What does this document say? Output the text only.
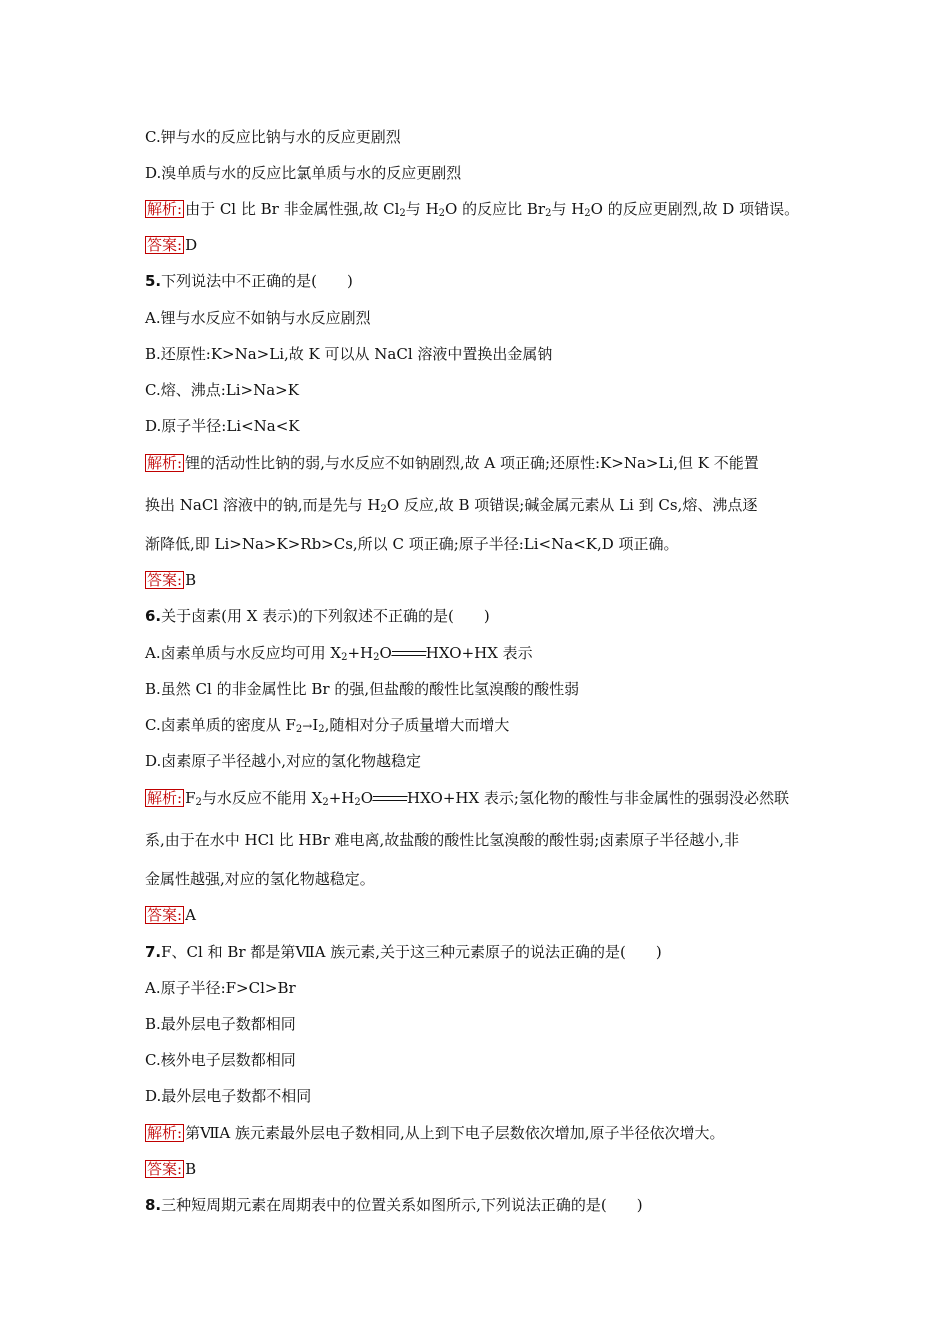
C.钾与水的反应比钠与水的反应更剧烈
D.溴单质与水的反应比氯单质与水的反应更剧烈
解析: 由于 Cl 比 Br 非金属性强,故 $Cl_2$与 $H_2O$ 的反应比 $Br_2$与 $H_2O$ 的反应更剧烈,故 D 项错误。
答案: D
5.下列说法中不正确的是(　　)
A.锂与水反应不如钠与水反应剧烈
B.还原性:K>Na>Li,故 K 可以从 NaCl 溶液中置换出金属钠
C.熔、沸点:Li>Na>K
D.原子半径:Li<Na<K
解析: 锂的活动性比钠的弱,与水反应不如钠剧烈,故 A 项正确;还原性:K>Na>Li,但 K 不能置
换出 NaCl 溶液中的钠,而是先与 $H_2O$ 反应,故 B 项错误;碱金属元素从 Li 到 Cs,熔、沸点逐
渐降低,即 Li>Na>K>Rb>Cs,所以 C 项正确;原子半径:Li<Na<K,D 项正确。
答案: B
6.关于卤素(用 X 表示)的下列叙述不正确的是(　　)
A.卤素单质与水反应均可用 $X_2+H_2O$ HXO+HX 表示
B.虽然 Cl 的非金属性比 Br 的强,但盐酸的酸性比氢溴酸的酸性弱
C.卤素单质的密度从 $F_2\to I_2$,随相对分子质量增大而增大
D.卤素原子半径越小,对应的氢化物越稳定
解析: $F_2$与水反应不能用 $X_2+H_2O$ HXO+HX 表示;氢化物的酸性与非金属性的强弱没必然联
系,由于在水中 HCl 比 HBr 难电离,故盐酸的酸性比氢溴酸的酸性弱;卤素原子半径越小,非
金属性越强,对应的氢化物越稳定。
答案: A
7.F、Cl 和 Br 都是第ⅦA 族元素,关于这三种元素原子的说法正确的是(　　)
A.原子半径:F>Cl>Br
B.最外层电子数都相同
C.核外电子层数都相同
D.最外层电子数都不相同
解析: 第ⅦA 族元素最外层电子数相同,从上到下电子层数依次增加,原子半径依次增大。
答案: B
8.三种短周期元素在周期表中的位置关系如图所示,下列说法正确的是(　　)
